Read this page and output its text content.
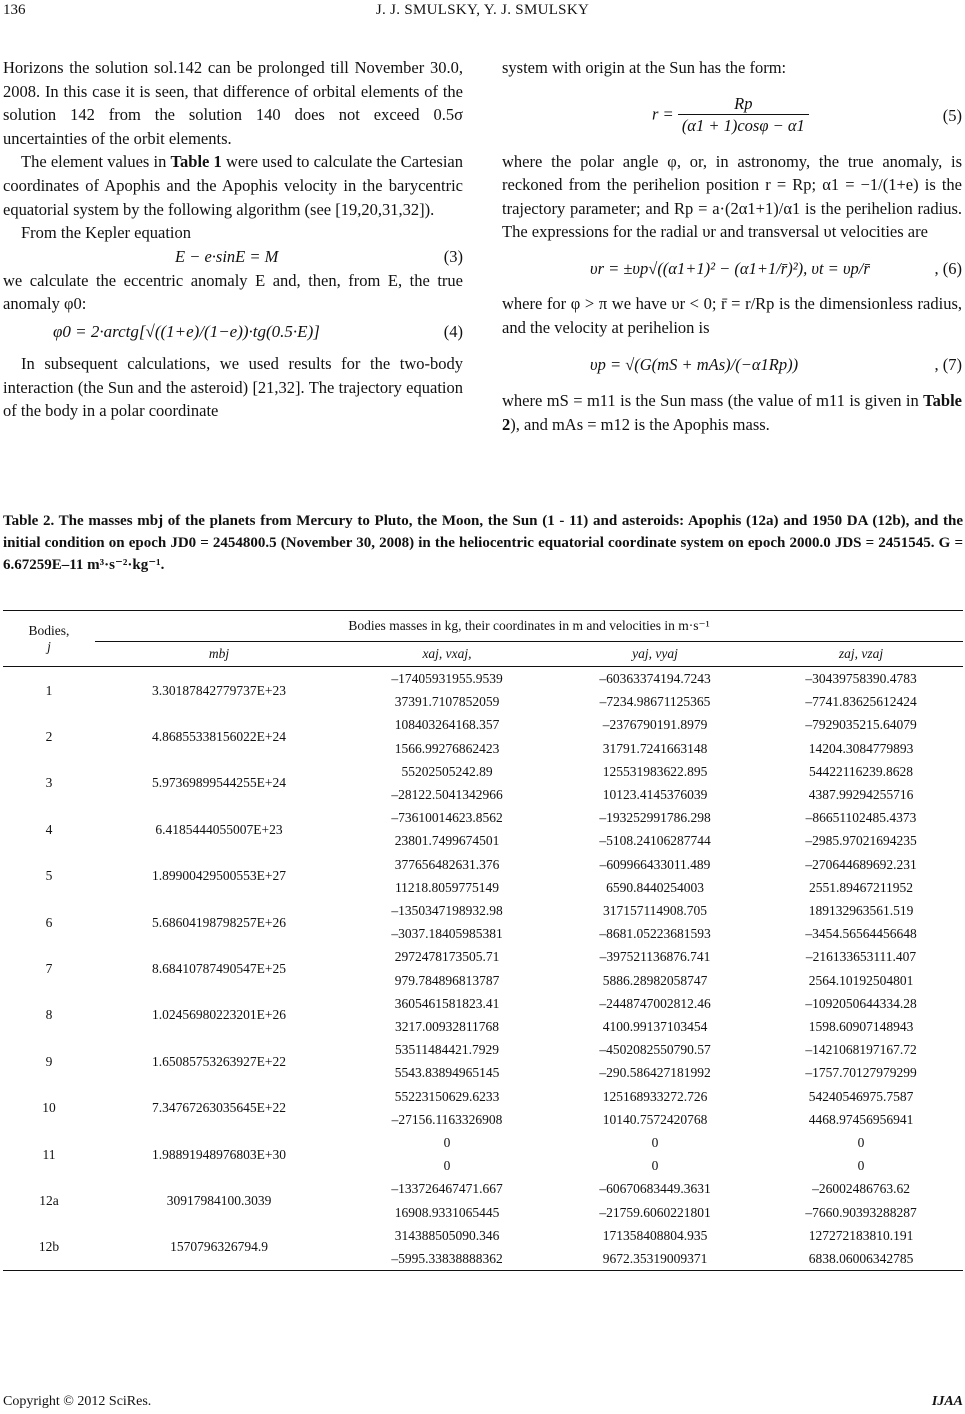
136	J. J. SMULSKY, Y. J. SMULSKY

Horizons the solution sol.142 can be prolonged till November 30.0, 2008. In this case it is seen, that difference of orbital elements of the solution 142 from the solution 140 does not exceed 0.5σ uncertainties of the orbit elements.

The element values in Table 1 were used to calculate the Cartesian coordinates of Apophis and the Apophis velocity in the barycentric equatorial system by the following algorithm (see [19,20,31,32]).

From the Kepler equation

E − e·sinE = M	(3)

we calculate the eccentric anomaly E and, then, from E, the true anomaly φ0:

φ0 = 2·arctg[√((1+e)/(1−e))·tg(0.5·E)]	(4)

In subsequent calculations, we used results for the two-body interaction (the Sun and the asteroid) [21,32]. The trajectory equation of the body in a polar coordinate

system with origin at the Sun has the form:

$r = \frac{Rp}{(\alpha 1 + 1)\cos\varphi - \alpha 1}$	(5)

where the polar angle φ, or, in astronomy, the true anomaly, is reckoned from the perihelion position r = Rp; α1 = −1/(1+e) is the trajectory parameter; and Rp = a·(2α1+1)/α1 is the perihelion radius. The expressions for the radial υr and transversal υt velocities are

υr = ±υp√((α1+1)² − (α1+1/r̄)²), υt = υp/r̄	, (6)

where for φ > π we have υr < 0; r̄ = r/Rp is the dimensionless radius, and the velocity at perihelion is

υp = √(G(mS + mAs)/(−α1Rp))	, (7)

where mS = m11 is the Sun mass (the value of m11 is given in Table 2), and mAs = m12 is the Apophis mass.

Table 2. The masses mbj of the planets from Mercury to Pluto, the Moon, the Sun (1 - 11) and asteroids: Apophis (12a) and 1950 DA (12b), and the initial condition on epoch JD0 = 2454800.5 (November 30, 2008) in the heliocentric equatorial coordinate system on epoch 2000.0 JDS = 2451545. G = 6.67259E–11 m³·s⁻²·kg⁻¹.
Bodies,
j	Bodies masses in kg, their coordinates in m and velocities in m·s⁻¹			
	mbj	xaj, vxaj,	yaj, vyaj	zaj, vzaj
1	3.30187842779737E+23	–17405931955.9539	–60363374194.7243	–30439758390.4783
		37391.7107852059	–7234.98671125365	–7741.83625612424
2	4.86855338156022E+24	108403264168.357	–2376790191.8979	–7929035215.64079
		1566.99276862423	31791.7241663148	14204.3084779893
3	5.97369899544255E+24	55202505242.89	125531983622.895	54422116239.8628
		–28122.5041342966	10123.4145376039	4387.99294255716
4	6.4185444055007E+23	–73610014623.8562	–193252991786.298	–86651102485.4373
		23801.7499674501	–5108.24106287744	–2985.97021694235
5	1.89900429500553E+27	377656482631.376	–609966433011.489	–270644689692.231
		11218.8059775149	6590.8440254003	2551.89467211952
6	5.68604198798257E+26	–1350347198932.98	317157114908.705	189132963561.519
		–3037.18405985381	–8681.05223681593	–3454.56564456648
7	8.68410787490547E+25	2972478173505.71	–397521136876.741	–216133653111.407
		979.784896813787	5886.28982058747	2564.10192504801
8	1.02456980223201E+26	3605461581823.41	–2448747002812.46	–1092050644334.28
		3217.00932811768	4100.99137103454	1598.60907148943
9	1.65085753263927E+22	53511484421.7929	–4502082550790.57	–1421068197167.72
		5543.83894965145	–290.586427181992	–1757.70127979299
10	7.34767263035645E+22	55223150629.6233	125168933272.726	54240546975.7587
		–27156.1163326908	10140.7572420768	4468.97456956941
11	1.98891948976803E+30	0	0	0
		0	0	0
12a	30917984100.3039	–133726467471.667	–60670683449.3631	–26002486763.62
		16908.9331065445	–21759.6060221801	–7660.90393288287
12b	1570796326794.9	314388505090.346	171358408804.935	127272183810.191
		–5995.33838888362	9672.35319009371	6838.06006342785
Copyright © 2012 SciRes.	IJAA
